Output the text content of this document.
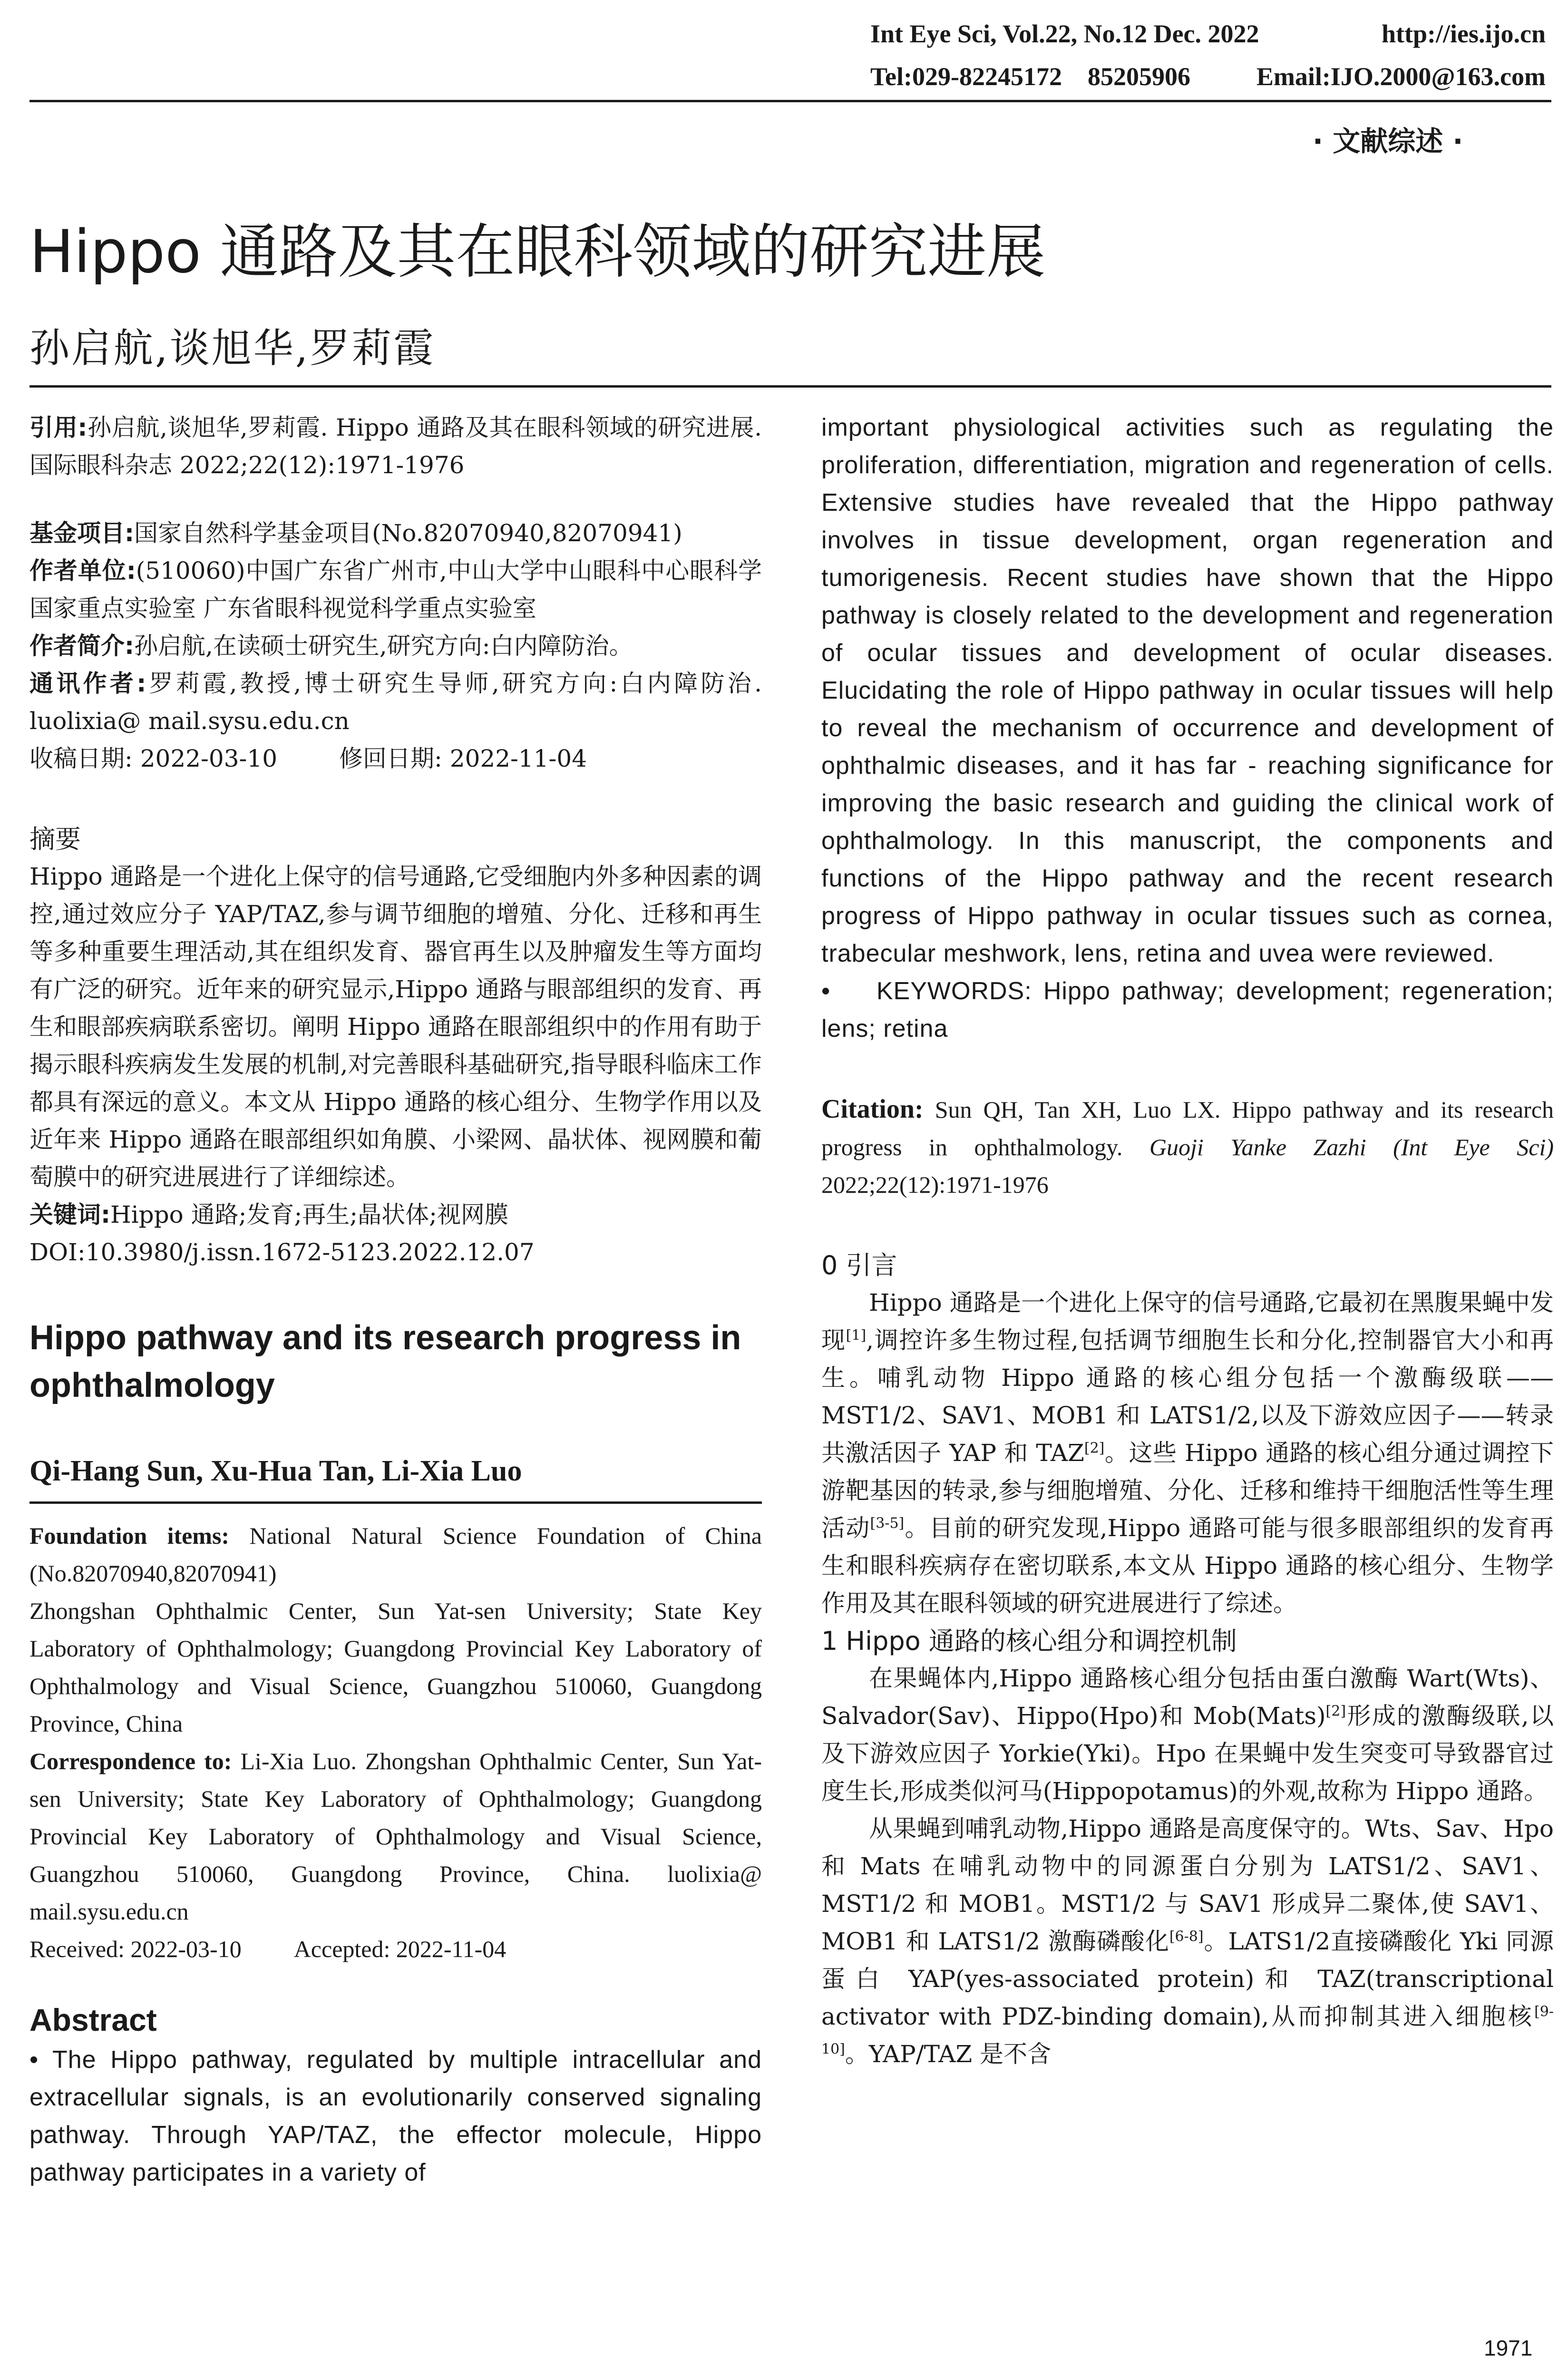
Int Eye Sci, Vol.22, No.12 Dec. 2022	http://ies.ijo.cn
Tel:029-82245172    85205906	Email:IJO.2000@163.com
· 文献综述 ·
Hippo 通路及其在眼科领域的研究进展
孙启航,谈旭华,罗莉霞

引用:孙启航,谈旭华,罗莉霞. Hippo 通路及其在眼科领域的研究进展. 国际眼科杂志 2022;22(12):1971-1976

基金项目:国家自然科学基金项目(No.82070940,82070941)

作者单位:(510060)中国广东省广州市,中山大学中山眼科中心眼科学国家重点实验室 广东省眼科视觉科学重点实验室

作者简介:孙启航,在读硕士研究生,研究方向:白内障防治。

通讯作者:罗莉霞,教授,博士研究生导师,研究方向:白内障防治. luolixia@ mail.sysu.edu.cn

收稿日期: 2022-03-10	修回日期: 2022-11-04

摘要

Hippo 通路是一个进化上保守的信号通路,它受细胞内外多种因素的调控,通过效应分子 YAP/TAZ,参与调节细胞的增殖、分化、迁移和再生等多种重要生理活动,其在组织发育、器官再生以及肿瘤发生等方面均有广泛的研究。近年来的研究显示,Hippo 通路与眼部组织的发育、再生和眼部疾病联系密切。阐明 Hippo 通路在眼部组织中的作用有助于揭示眼科疾病发生发展的机制,对完善眼科基础研究,指导眼科临床工作都具有深远的意义。本文从 Hippo 通路的核心组分、生物学作用以及近年来 Hippo 通路在眼部组织如角膜、小梁网、晶状体、视网膜和葡萄膜中的研究进展进行了详细综述。

关键词:Hippo 通路;发育;再生;晶状体;视网膜

DOI:10.3980/j.issn.1672-5123.2022.12.07

Hippo pathway and its research progress in ophthalmology

Qi-Hang Sun, Xu-Hua Tan, Li-Xia Luo

Foundation items: National Natural Science Foundation of China (No.82070940,82070941)

Zhongshan Ophthalmic Center, Sun Yat-sen University; State Key Laboratory of Ophthalmology; Guangdong Provincial Key Laboratory of Ophthalmology and Visual Science, Guangzhou 510060, Guangdong Province, China

Correspondence to: Li-Xia Luo. Zhongshan Ophthalmic Center, Sun Yat-sen University; State Key Laboratory of Ophthalmology; Guangdong Provincial Key Laboratory of Ophthalmology and Visual Science, Guangzhou 510060, Guangdong Province, China. luolixia@ mail.sysu.edu.cn

Received: 2022-03-10 Accepted: 2022-11-04

Abstract

• The Hippo pathway, regulated by multiple intracellular and extracellular signals, is an evolutionarily conserved signaling pathway. Through YAP/TAZ, the effector molecule, Hippo pathway participates in a variety of

important physiological activities such as regulating the proliferation, differentiation, migration and regeneration of cells. Extensive studies have revealed that the Hippo pathway involves in tissue development, organ regeneration and tumorigenesis. Recent studies have shown that the Hippo pathway is closely related to the development and regeneration of ocular tissues and development of ocular diseases. Elucidating the role of Hippo pathway in ocular tissues will help to reveal the mechanism of occurrence and development of ophthalmic diseases, and it has far - reaching significance for improving the basic research and guiding the clinical work of ophthalmology. In this manuscript, the components and functions of the Hippo pathway and the recent research progress of Hippo pathway in ocular tissues such as cornea, trabecular meshwork, lens, retina and uvea were reviewed.

•    KEYWORDS: Hippo pathway; development; regeneration; lens; retina

Citation: Sun QH, Tan XH, Luo LX. Hippo pathway and its research progress in ophthalmology. Guoji Yanke Zazhi (Int Eye Sci) 2022;22(12):1971-1976

0 引言

Hippo 通路是一个进化上保守的信号通路,它最初在黑腹果蝇中发现[1],调控许多生物过程,包括调节细胞生长和分化,控制器官大小和再生。哺乳动物 Hippo 通路的核心组分包括一个激酶级联——MST1/2、SAV1、MOB1 和 LATS1/2,以及下游效应因子——转录共激活因子 YAP 和 TAZ[2]。这些 Hippo 通路的核心组分通过调控下游靶基因的转录,参与细胞增殖、分化、迁移和维持干细胞活性等生理活动[3-5]。目前的研究发现,Hippo 通路可能与很多眼部组织的发育再生和眼科疾病存在密切联系,本文从 Hippo 通路的核心组分、生物学作用及其在眼科领域的研究进展进行了综述。

1 Hippo 通路的核心组分和调控机制

在果蝇体内,Hippo 通路核心组分包括由蛋白激酶 Wart(Wts)、Salvador(Sav)、Hippo(Hpo)和 Mob(Mats)[2]形成的激酶级联,以及下游效应因子 Yorkie(Yki)。Hpo 在果蝇中发生突变可导致器官过度生长,形成类似河马(Hippopotamus)的外观,故称为 Hippo 通路。

从果蝇到哺乳动物,Hippo 通路是高度保守的。Wts、Sav、Hpo 和 Mats 在哺乳动物中的同源蛋白分别为 LATS1/2、SAV1、MST1/2 和 MOB1。MST1/2 与 SAV1 形成异二聚体,使 SAV1、MOB1 和 LATS1/2 激酶磷酸化[6-8]。LATS1/2直接磷酸化 Yki 同源蛋白 YAP(yes-associated protein)和 TAZ(transcriptional activator with PDZ-binding domain),从而抑制其进入细胞核[9-10]。YAP/TAZ 是不含

1971
